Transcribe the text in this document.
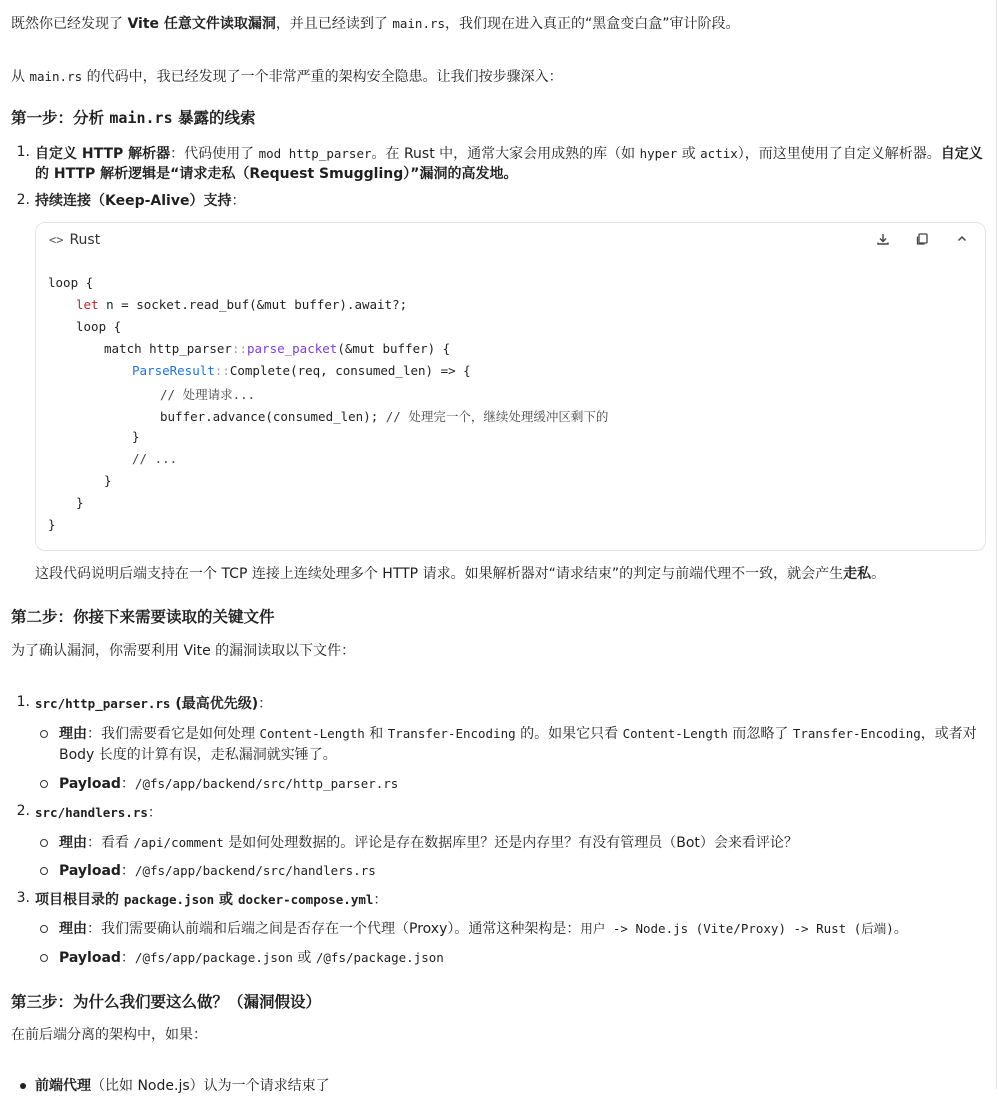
既然你已经发现了 Vite 任意文件读取漏洞，并且已经读到了 main.rs，我们现在进入真正的“黑盒变白盒”审计阶段。
从 main.rs 的代码中，我已经发现了一个非常严重的架构安全隐患。让我们按步骤深入：
第一步：分析 main.rs 暴露的线索
1. 自定义 HTTP 解析器：代码使用了 mod http_parser。在 Rust 中，通常大家会用成熟的库（如 hyper 或 actix），而这里使用了自定义解析器。自定义
的 HTTP 解析逻辑是“请求走私（Request Smuggling）”漏洞的高发地。
2. 持续连接（Keep-Alive）支持：
<> Rust
loop {
let n = socket.read_buf(&mut buffer).await?;
loop {
match http_parser::parse_packet(&mut buffer) {
ParseResult::Complete(req, consumed_len) => {
// 处理请求...
buffer.advance(consumed_len); // 处理完一个，继续处理缓冲区剩下的
}
// ...
}
}
}
这段代码说明后端支持在一个 TCP 连接上连续处理多个 HTTP 请求。如果解析器对“请求结束”的判定与前端代理不一致，就会产生走私。
第二步：你接下来需要读取的关键文件
为了确认漏洞，你需要利用 Vite 的漏洞读取以下文件：
1. src/http_parser.rs (最高优先级)：
理由：我们需要看它是如何处理 Content-Length 和 Transfer-Encoding 的。如果它只看 Content-Length 而忽略了 Transfer-Encoding，或者对
Body 长度的计算有误，走私漏洞就实锤了。
Payload：/@fs/app/backend/src/http_parser.rs
2. src/handlers.rs：
理由：看看 /api/comment 是如何处理数据的。评论是存在数据库里？还是内存里？有没有管理员（Bot）会来看评论？
Payload：/@fs/app/backend/src/handlers.rs
3. 项目根目录的 package.json 或 docker-compose.yml：
理由：我们需要确认前端和后端之间是否存在一个代理（Proxy）。通常这种架构是：用户 -> Node.js (Vite/Proxy) -> Rust (后端)。
Payload：/@fs/app/package.json 或 /@fs/package.json
第三步：为什么我们要这么做？（漏洞假设）
在前后端分离的架构中，如果：
前端代理（比如 Node.js）认为一个请求结束了
